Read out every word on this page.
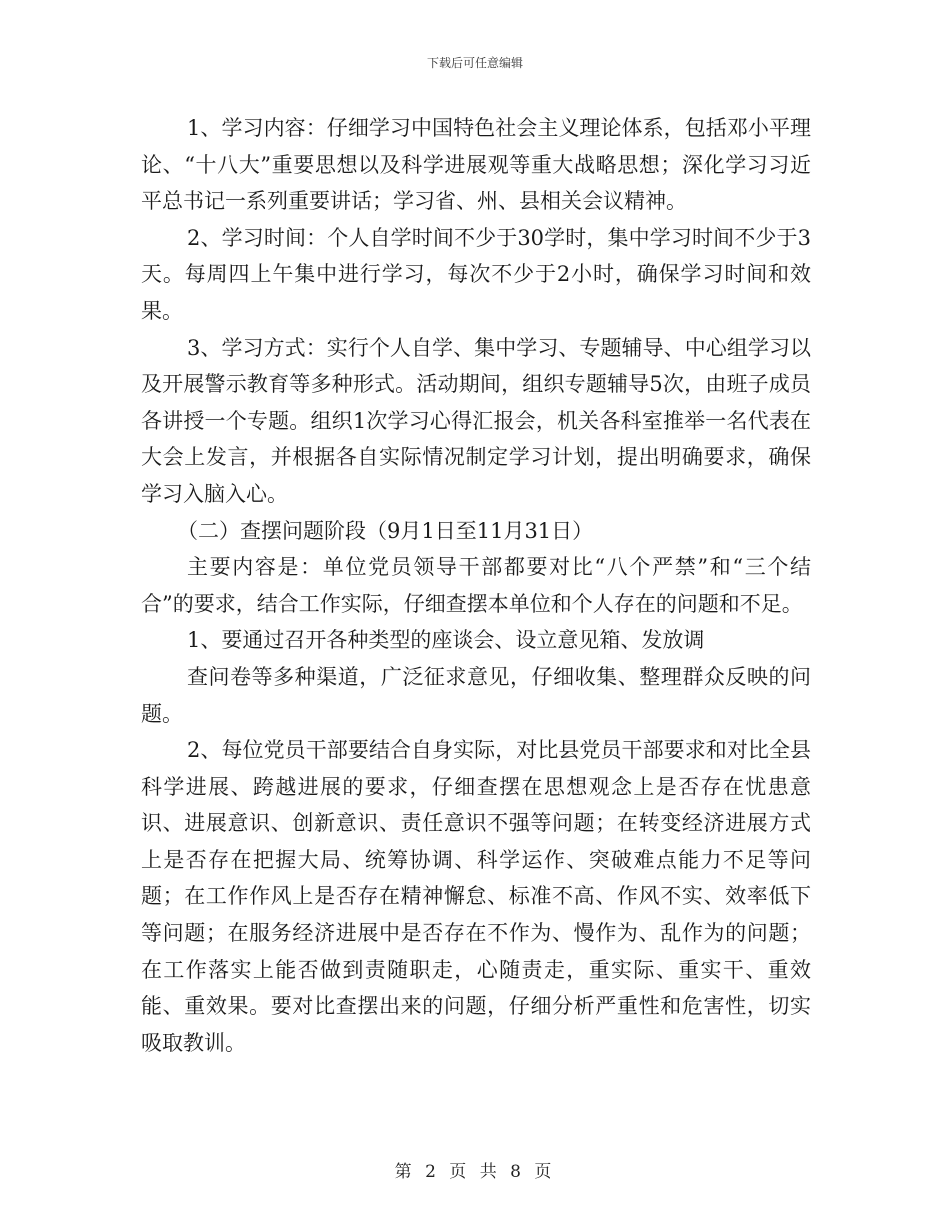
下载后可任意编辑

1、学习内容：仔细学习中国特色社会主义理论体系，包括邓小平理论、“十八大”重要思想以及科学进展观等重大战略思想；深化学习习近平总书记一系列重要讲话；学习省、州、县相关会议精神。

2、学习时间：个人自学时间不少于30学时，集中学习时间不少于3天。每周四上午集中进行学习，每次不少于2小时，确保学习时间和效果。

3、学习方式：实行个人自学、集中学习、专题辅导、中心组学习以及开展警示教育等多种形式。活动期间，组织专题辅导5次，由班子成员各讲授一个专题。组织1次学习心得汇报会，机关各科室推举一名代表在大会上发言，并根据各自实际情况制定学习计划，提出明确要求，确保学习入脑入心。

（二）查摆问题阶段（9月1日至11月31日）

主要内容是：单位党员领导干部都要对比“八个严禁”和“三个结合”的要求，结合工作实际，仔细查摆本单位和个人存在的问题和不足。

1、要通过召开各种类型的座谈会、设立意见箱、发放调

查问卷等多种渠道，广泛征求意见，仔细收集、整理群众反映的问题。

2、每位党员干部要结合自身实际，对比县党员干部要求和对比全县科学进展、跨越进展的要求，仔细查摆在思想观念上是否存在忧患意识、进展意识、创新意识、责任意识不强等问题；在转变经济进展方式上是否存在把握大局、统筹协调、科学运作、突破难点能力不足等问题；在工作作风上是否存在精神懈怠、标准不高、作风不实、效率低下等问题；在服务经济进展中是否存在不作为、慢作为、乱作为的问题；在工作落实上能否做到责随职走，心随责走，重实际、重实干、重效能、重效果。要对比查摆出来的问题，仔细分析严重性和危害性，切实吸取教训。

第 2 页 共 8 页
